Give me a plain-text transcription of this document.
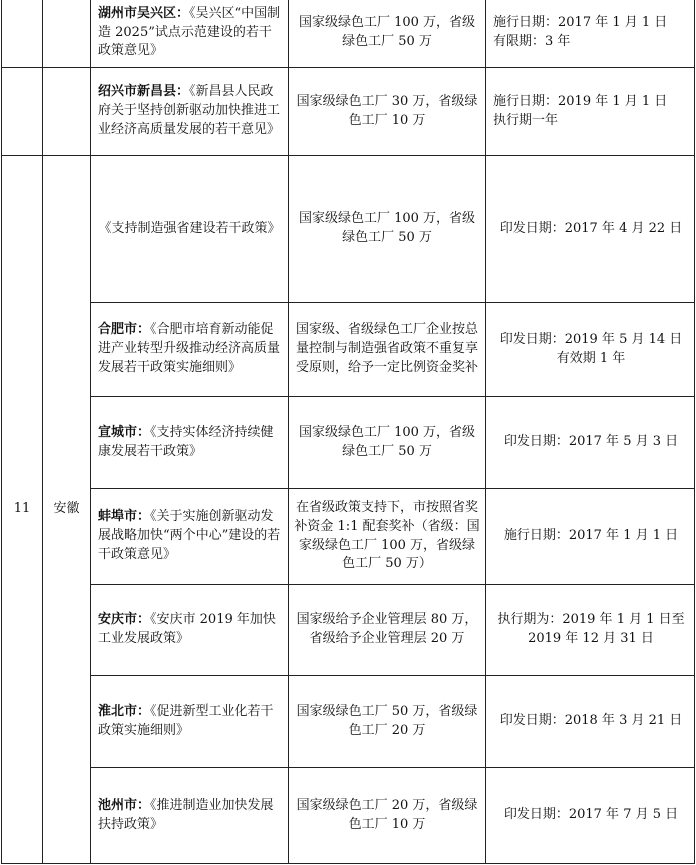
		湖州市吴兴区：《吴兴区“中国制造 2025”试点示范建设的若干政策意见》	国家级绿色工厂 100 万，省级绿色工厂 50 万	施行日期：2017 年 1 月 1 日
有限期：3 年

		绍兴市新昌县：《新昌县人民政府关于坚持创新驱动加快推进工业经济高质量发展的若干意见》	国家级绿色工厂 30 万，省级绿色工厂 10 万	施行日期：2019 年 1 月 1 日
执行期一年

11	安徽	《支持制造强省建设若干政策》	国家级绿色工厂 100 万，省级绿色工厂 50 万	印发日期：2017 年 4 月 22 日

		合肥市：《合肥市培育新动能促进产业转型升级推动经济高质量发展若干政策实施细则》	国家级、省级绿色工厂企业按总量控制与制造强省政策不重复享受原则，给予一定比例资金奖补	印发日期：2019 年 5 月 14 日
有效期 1 年

		宣城市：《支持实体经济持续健康发展若干政策》	国家级绿色工厂 100 万，省级绿色工厂 50 万	印发日期：2017 年 5 月 3 日

		蚌埠市：《关于实施创新驱动发展战略加快“两个中心”建设的若干政策意见》	在省级政策支持下，市按照省奖补资金 1:1 配套奖补（省级：国家级绿色工厂 100 万，省级绿色工厂 50 万）	施行日期：2017 年 1 月 1 日

		安庆市：《安庆市 2019 年加快工业发展政策》	国家级给予企业管理层 80 万，省级给予企业管理层 20 万	执行期为：2019 年 1 月 1 日至
2019 年 12 月 31 日

		淮北市：《促进新型工业化若干政策实施细则》	国家级绿色工厂 50 万，省级绿色工厂 20 万	印发日期：2018 年 3 月 21 日

		池州市：《推进制造业加快发展扶持政策》	国家级绿色工厂 20 万，省级绿色工厂 10 万	印发日期：2017 年 7 月 5 日
